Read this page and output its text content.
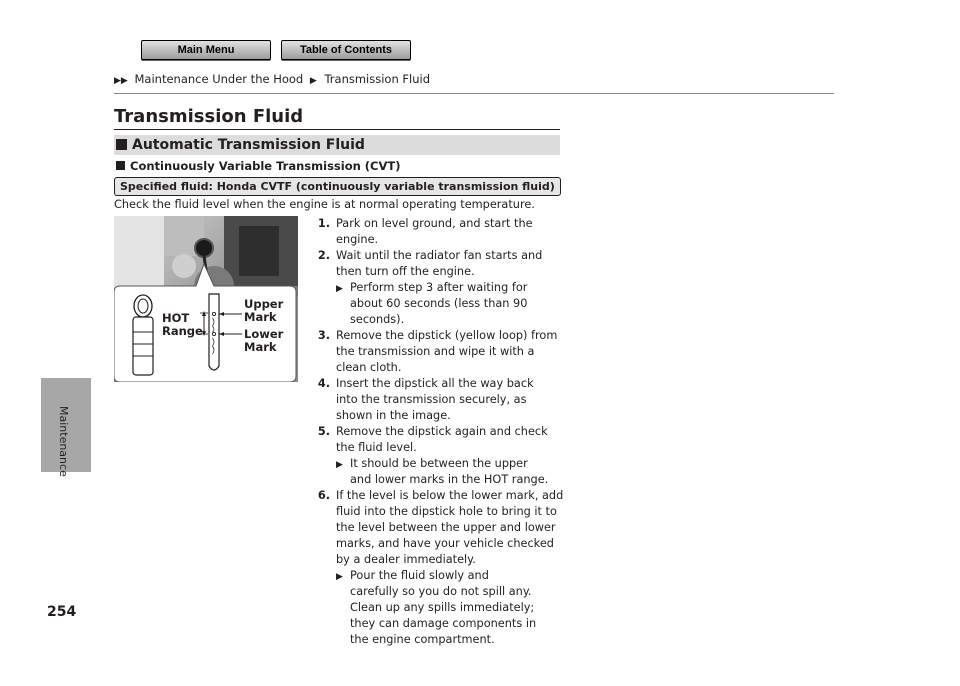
Main Menu	Table of Contents
▶▶ Maintenance Under the Hood ▶ Transmission Fluid
Transmission Fluid
Automatic Transmission Fluid
Continuously Variable Transmission (CVT)
Specified fluid: Honda CVTF (continuously variable transmission fluid)
Check the fluid level when the engine is at normal operating temperature.
HOT
Range
Upper
Mark
Lower
Mark
1. Park on level ground, and start the engine.
2. Wait until the radiator fan starts and then turn off the engine.
▶ Perform step 3 after waiting for about 60 seconds (less than 90 seconds).
3. Remove the dipstick (yellow loop) from the transmission and wipe it with a clean cloth.
4. Insert the dipstick all the way back into the transmission securely, as shown in the image.
5. Remove the dipstick again and check the fluid level.
▶ It should be between the upper and lower marks in the HOT range.
6. If the level is below the lower mark, add fluid into the dipstick hole to bring it to the level between the upper and lower marks, and have your vehicle checked by a dealer immediately.
▶ Pour the fluid slowly and carefully so you do not spill any. Clean up any spills immediately; they can damage components in the engine compartment.
Maintenance
254
